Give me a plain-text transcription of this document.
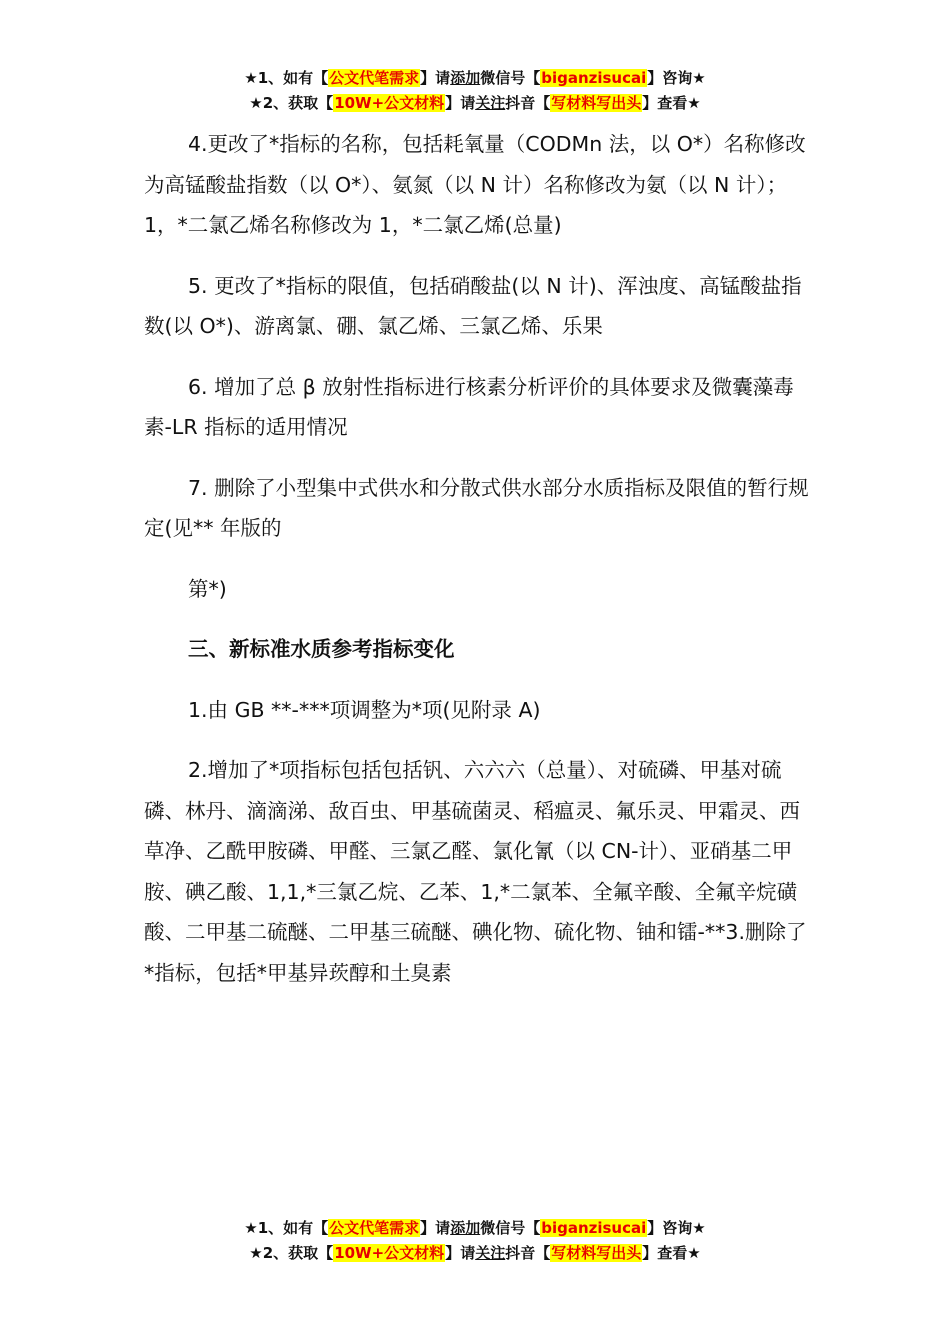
★1、如有【公文代笔需求】请添加微信号【biganzisucai】咨询★
★2、获取【10W+公文材料】请关注抖音【写材料写出头】查看★

4.更改了*指标的名称，包括耗氧量（CODMn 法，以 O*）名称修改为高锰酸盐指数（以 O*）、氨氮（以 N 计）名称修改为氨（以 N 计）；1，*二氯乙烯名称修改为 1，*二氯乙烯(总量)

5. 更改了*指标的限值，包括硝酸盐(以 N 计)、浑浊度、高锰酸盐指数(以 O*)、游离氯、硼、氯乙烯、三氯乙烯、乐果

6. 增加了总 β 放射性指标进行核素分析评价的具体要求及微囊藻毒素-LR 指标的适用情况

7. 删除了小型集中式供水和分散式供水部分水质指标及限值的暂行规定(见** 年版的

第*)

三、新标准水质参考指标变化

1.由 GB **-***项调整为*项(见附录 A)

2.增加了*项指标包括包括钒、六六六（总量）、对硫磷、甲基对硫磷、林丹、滴滴涕、敌百虫、甲基硫菌灵、稻瘟灵、氟乐灵、甲霜灵、西草净、乙酰甲胺磷、甲醛、三氯乙醛、氯化氰（以 CN-计）、亚硝基二甲胺、碘乙酸、1,1,*三氯乙烷、乙苯、1,*二氯苯、全氟辛酸、全氟辛烷磺酸、二甲基二硫醚、二甲基三硫醚、碘化物、硫化物、铀和镭-**3.删除了*指标，包括*甲基异莰醇和土臭素

★1、如有【公文代笔需求】请添加微信号【biganzisucai】咨询★
★2、获取【10W+公文材料】请关注抖音【写材料写出头】查看★
